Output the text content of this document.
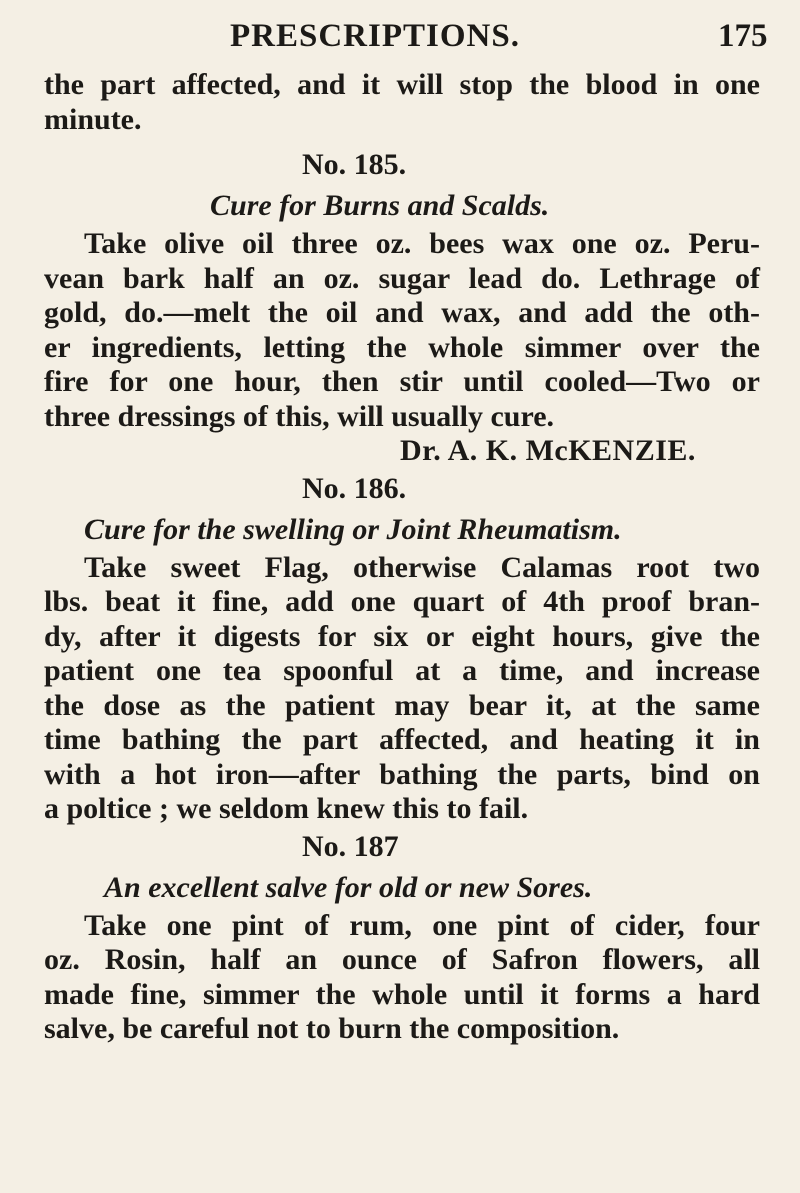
PRESCRIPTIONS.	175
the part affected, and it will stop the blood in one
minute.
No. 185.
Cure for Burns and Scalds.
Take olive oil three oz. bees wax one oz. Peru-
vean bark half an oz. sugar lead do. Lethrage of
gold, do.—melt the oil and wax, and add the oth-
er ingredients, letting the whole simmer over the
fire for one hour, then stir until cooled—Two or
three dressings of this, will usually cure.
Dr. A. K. McKENZIE.
No. 186.
Cure for the swelling or Joint Rheumatism.
Take sweet Flag, otherwise Calamas root two
lbs. beat it fine, add one quart of 4th proof bran-
dy, after it digests for six or eight hours, give the
patient one tea spoonful at a time, and increase
the dose as the patient may bear it, at the same
time bathing the part affected, and heating it in
with a hot iron—after bathing the parts, bind on
a poltice ; we seldom knew this to fail.
No. 187
An excellent salve for old or new Sores.
Take one pint of rum, one pint of cider, four
oz. Rosin, half an ounce of Safron flowers, all
made fine, simmer the whole until it forms a hard
salve, be careful not to burn the composition.
